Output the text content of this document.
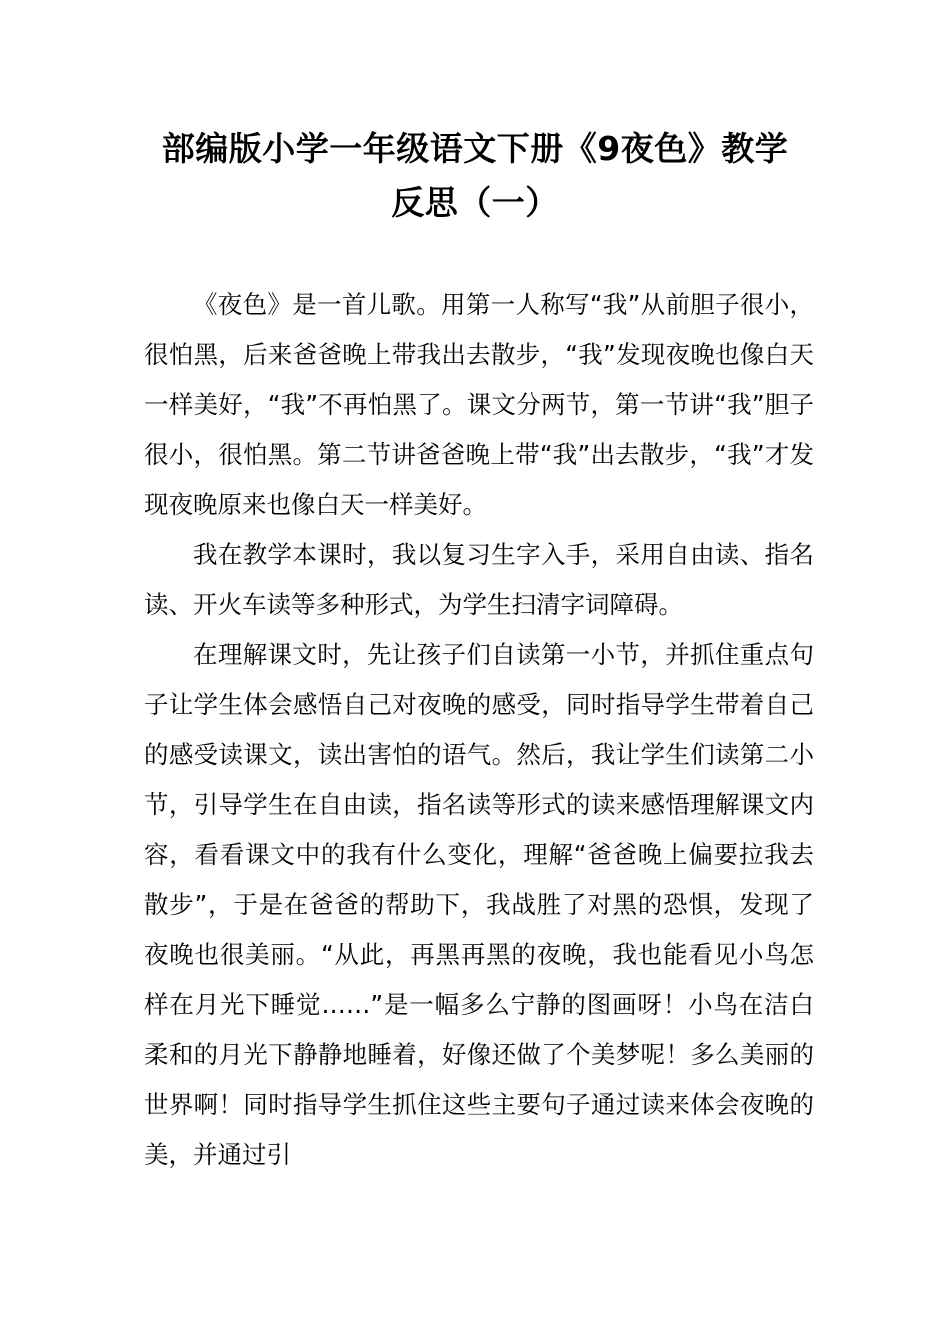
部编版小学一年级语文下册《9夜色》教学
反思（一）

《夜色》是一首儿歌。用第一人称写“我”从前胆子很小，很怕黑，后来爸爸晚上带我出去散步，“我”发现夜晚也像白天一样美好，“我”不再怕黑了。课文分两节，第一节讲“我”胆子很小，很怕黑。第二节讲爸爸晚上带“我”出去散步，“我”才发现夜晚原来也像白天一样美好。

我在教学本课时，我以复习生字入手，采用自由读、指名读、开火车读等多种形式，为学生扫清字词障碍。

在理解课文时，先让孩子们自读第一小节，并抓住重点句子让学生体会感悟自己对夜晚的感受，同时指导学生带着自己的感受读课文，读出害怕的语气。然后，我让学生们读第二小节，引导学生在自由读，指名读等形式的读来感悟理解课文内容，看看课文中的我有什么变化，理解“爸爸晚上偏要拉我去散步”，于是在爸爸的帮助下，我战胜了对黑的恐惧，发现了夜晚也很美丽。“从此，再黑再黑的夜晚，我也能看见小鸟怎样在月光下睡觉……”是一幅多么宁静的图画呀！小鸟在洁白柔和的月光下静静地睡着，好像还做了个美梦呢！多么美丽的世界啊！同时指导学生抓住这些主要句子通过读来体会夜晚的美，并通过引
